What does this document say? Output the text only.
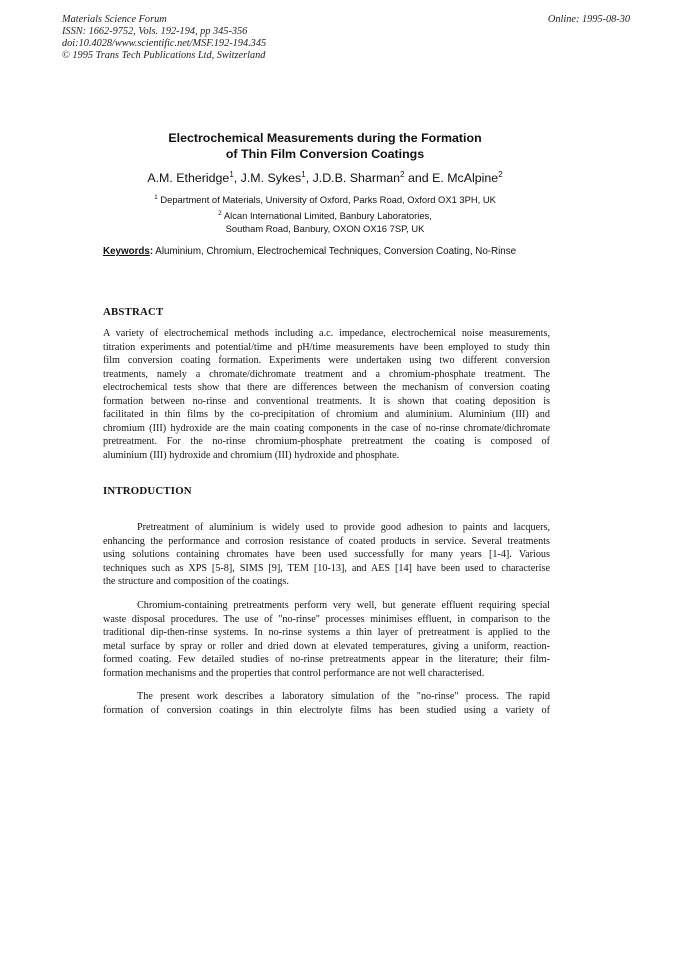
Materials Science Forum
ISSN: 1662-9752, Vols. 192-194, pp 345-356
doi:10.4028/www.scientific.net/MSF.192-194.345
© 1995 Trans Tech Publications Ltd, Switzerland
Online: 1995-08-30
Electrochemical Measurements during the Formation
of Thin Film Conversion Coatings
A.M. Etheridge$^1$, J.M. Sykes$^1$, J.D.B. Sharman$^2$ and E. McAlpine$^2$
$^1$ Department of Materials, University of Oxford, Parks Road, Oxford OX1 3PH, UK
$^2$ Alcan International Limited, Banbury Laboratories,
Southam Road, Banbury, OXON OX16 7SP, UK
Keywords: Aluminium, Chromium, Electrochemical Techniques, Conversion Coating, No-Rinse
ABSTRACT
A variety of electrochemical methods including a.c. impedance, electrochemical noise measurements,
titration experiments and potential/time and pH/time measurements have been employed to study thin
film conversion coating formation. Experiments were undertaken using two different conversion
treatments, namely a chromate/dichromate treatment and a chromium-phosphate treatment. The
electrochemical tests show that there are differences between the mechanism of conversion coating
formation between no-rinse and conventional treatments. It is shown that coating deposition is
facilitated in thin films by the co-precipitation of chromium and aluminium. Aluminium (III) and
chromium (III) hydroxide are the main coating components in the case of no-rinse chromate/dichromate
pretreatment. For the no-rinse chromium-phosphate pretreatment the coating is composed of
aluminium (III) hydroxide and chromium (III) hydroxide and phosphate.
INTRODUCTION
Pretreatment of aluminium is widely used to provide good adhesion to paints and lacquers,
enhancing the performance and corrosion resistance of coated products in service. Several treatments
using solutions containing chromates have been used successfully for many years [1-4]. Various
techniques such as XPS [5-8], SIMS [9], TEM [10-13], and AES [14] have been used to characterise
the structure and composition of the coatings.
Chromium-containing pretreatments perform very well, but generate effluent requiring special
waste disposal procedures. The use of "no-rinse" processes minimises effluent, in comparison to the
traditional dip-then-rinse systems. In no-rinse systems a thin layer of pretreatment is applied to the
metal surface by spray or roller and dried down at elevated temperatures, giving a uniform, reaction-
formed coating. Few detailed studies of no-rinse pretreatments appear in the literature; their film-
formation mechanisms and the properties that control performance are not well characterised.
The present work describes a laboratory simulation of the "no-rinse" process. The rapid
formation of conversion coatings in thin electrolyte films has been studied using a variety of
